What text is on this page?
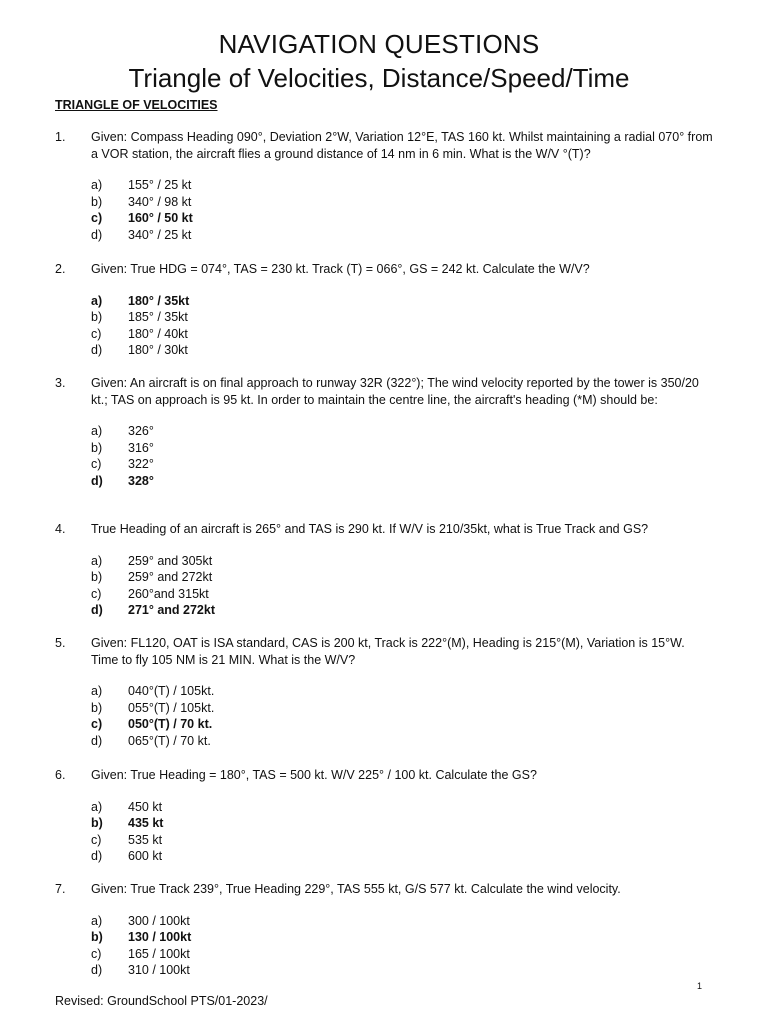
NAVIGATION QUESTIONS
Triangle of Velocities, Distance/Speed/Time
TRIANGLE OF VELOCITIES
1.	Given: Compass Heading 090°, Deviation 2°W, Variation 12°E, TAS 160 kt. Whilst maintaining a radial 070° from a VOR station, the aircraft flies a ground distance of 14 nm in 6 min. What is the W/V °(T)?
a)	155° / 25 kt
b)	340° / 98 kt
c)	160° / 50 kt
d)	340° / 25 kt
2.	Given: True HDG = 074°, TAS = 230 kt. Track (T) = 066°, GS = 242 kt. Calculate the W/V?
a)	180° / 35kt
b)	185° / 35kt
c)	180° / 40kt
d)	180° / 30kt
3.	Given: An aircraft is on final approach to runway 32R (322°); The wind velocity reported by the tower is 350/20 kt.; TAS on approach is 95 kt. In order to maintain the centre line, the aircraft's heading (*M) should be:
a)	326°
b)	316°
c)	322°
d)	328°
4.	True Heading of an aircraft is 265° and TAS is 290 kt. If W/V is 210/35kt, what is True Track and GS?
a)	259° and 305kt
b)	259° and 272kt
c)	260°and 315kt
d)	271° and 272kt
5.	Given: FL120, OAT is ISA standard, CAS is 200 kt, Track is 222°(M), Heading is 215°(M), Variation is 15°W. Time to fly 105 NM is 21 MIN. What is the W/V?
a)	040°(T) / 105kt.
b)	055°(T) / 105kt.
c)	050°(T) / 70 kt.
d)	065°(T) / 70 kt.
6.	Given: True Heading = 180°, TAS = 500 kt. W/V 225° / 100 kt. Calculate the GS?
a)	450 kt
b)	435 kt
c)	535 kt
d)	600 kt
7.	Given: True Track 239°, True Heading 229°, TAS 555 kt, G/S 577 kt. Calculate the wind velocity.
a)	300 / 100kt
b)	130 / 100kt
c)	165 / 100kt
d)	310 / 100kt
1
Revised: GroundSchool PTS/01-2023/
